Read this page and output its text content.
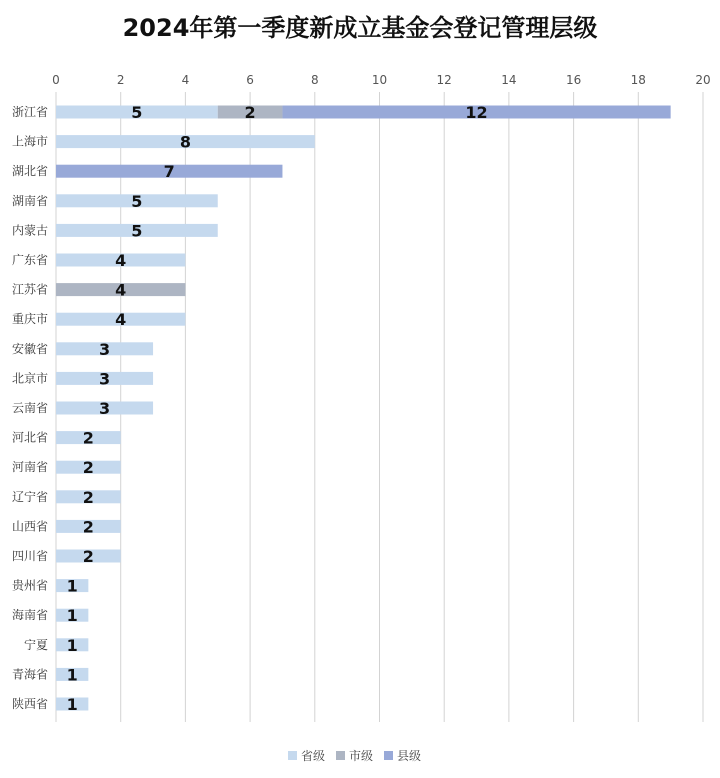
2024年第一季度新成立基金会登记管理层级
0	2	4	6	8	10	12	14	16	18	20
浙江省	5	2	12
上海市	8
湖北省	7
湖南省	5
内蒙古	5
广东省	4
江苏省	4
重庆市	4
安徽省	3
北京市	3
云南省	3
河北省 2
河南省 2
辽宁省 2
山西省 2
四川省 2
贵州省 1
海南省 1
宁夏 1
青海省 1
陕西省 1
省级 市级 县级
